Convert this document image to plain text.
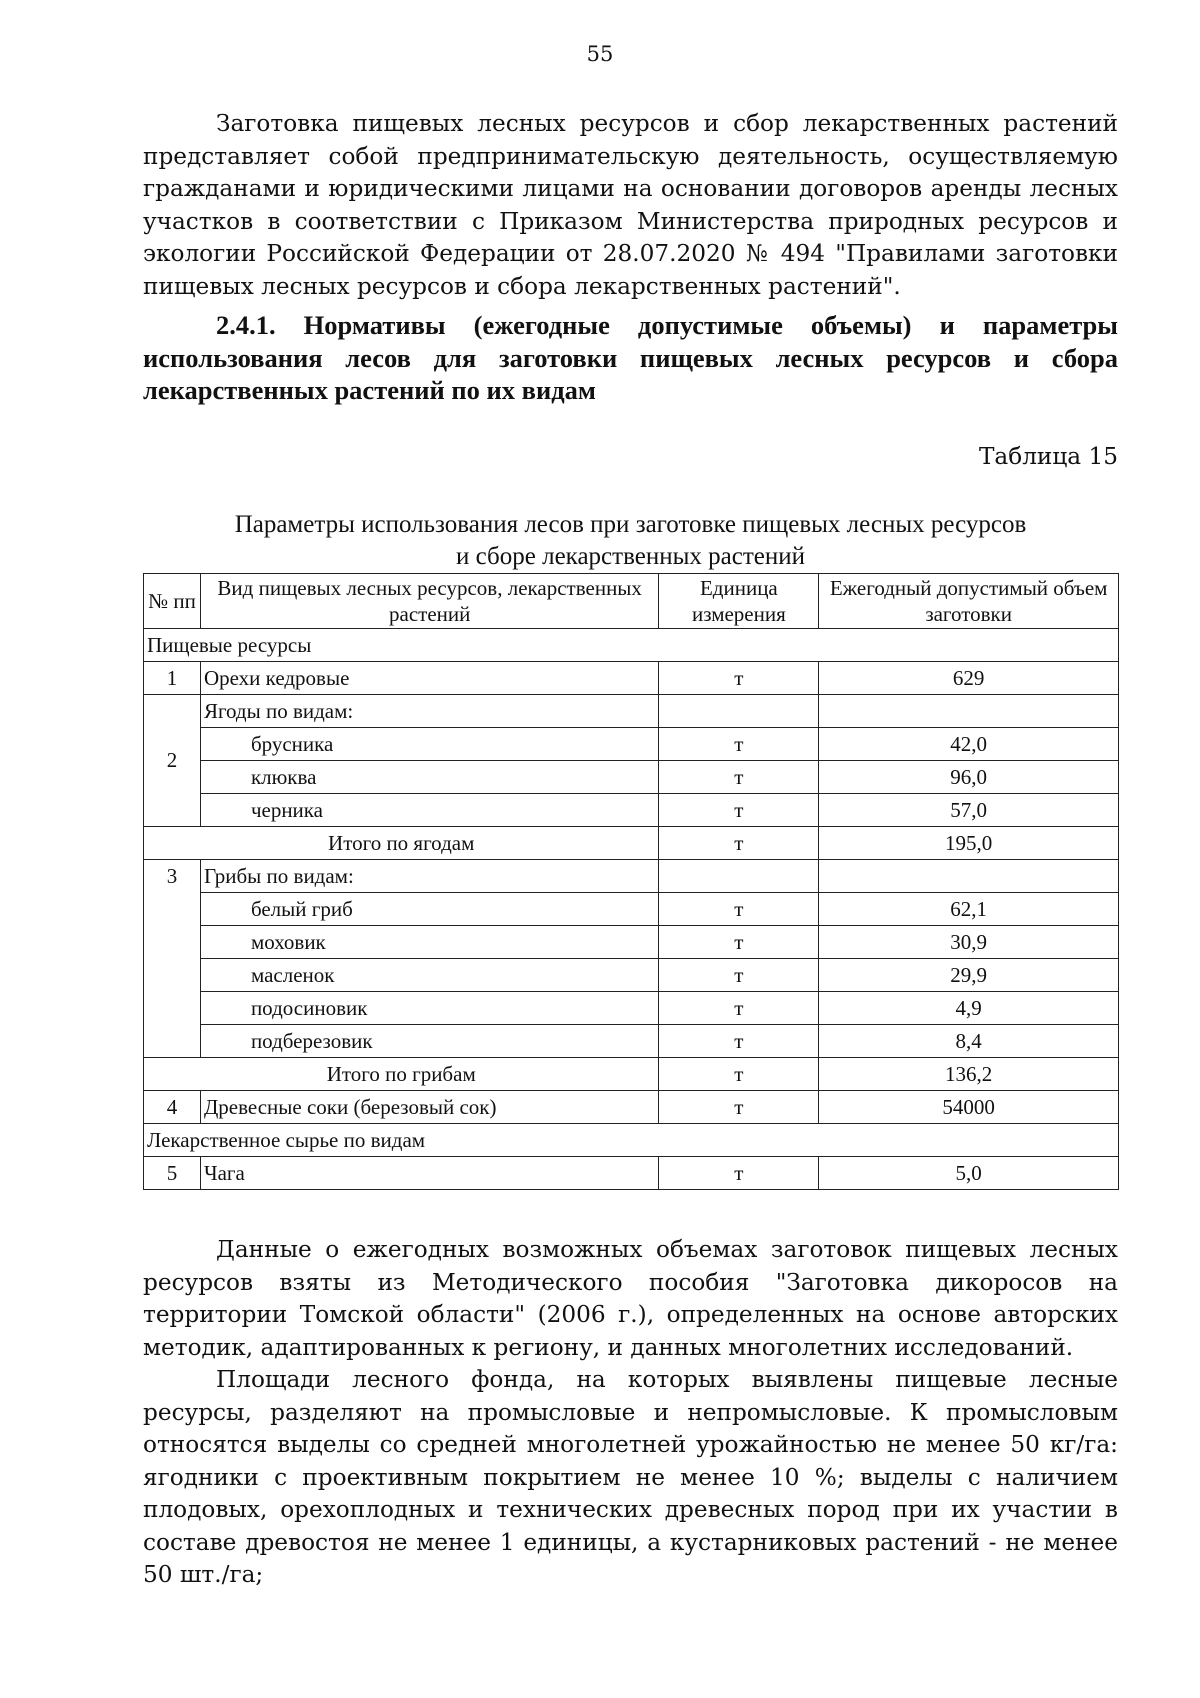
55

Заготовка пищевых лесных ресурсов и сбор лекарственных растений представляет собой предпринимательскую деятельность, осуществляемую гражданами и юридическими лицами на основании договоров аренды лесных участков в соответствии с Приказом Министерства природных ресурсов и экологии Российской Федерации от 28.07.2020 № 494 "Правилами заготовки пищевых лесных ресурсов и сбора лекарственных растений".

2.4.1. Нормативы (ежегодные допустимые объемы) и параметры использования лесов для заготовки пищевых лесных ресурсов и сбора лекарственных растений по их видам

Таблица 15
Параметры использования лесов при заготовке пищевых лесных ресурсов
и сборе лекарственных растений
№ пп	Вид пищевых лесных ресурсов, лекарственных растений	Единица измерения	Ежегодный допустимый объем заготовки
Пищевые ресурсы			
1	Орехи кедровые	т	629
2	Ягоды по видам:		
	брусника	т	42,0
	клюква	т	96,0
	черника	т	57,0
Итого по ягодам		т	195,0
3	Грибы по видам:		
	белый гриб	т	62,1
	моховик	т	30,9
	масленок	т	29,9
	подосиновик	т	4,9
	подберезовик	т	8,4
Итого по грибам		т	136,2
4	Древесные соки (березовый сок)	т	54000
Лекарственное сырье по видам			
5	Чага	т	5,0

Данные о ежегодных возможных объемах заготовок пищевых лесных ресурсов взяты из Методического пособия "Заготовка дикоросов на территории Томской области" (2006 г.), определенных на основе авторских методик, адаптированных к региону, и данных многолетних исследований.

Площади лесного фонда, на которых выявлены пищевые лесные ресурсы, разделяют на промысловые и непромысловые. К промысловым относятся выделы со средней многолетней урожайностью не менее 50 кг/га: ягодники с проективным покрытием не менее 10 %; выделы с наличием плодовых, орехоплодных и технических древесных пород при их участии в составе древостоя не менее 1 единицы, а кустарниковых растений - не менее 50 шт./га;
